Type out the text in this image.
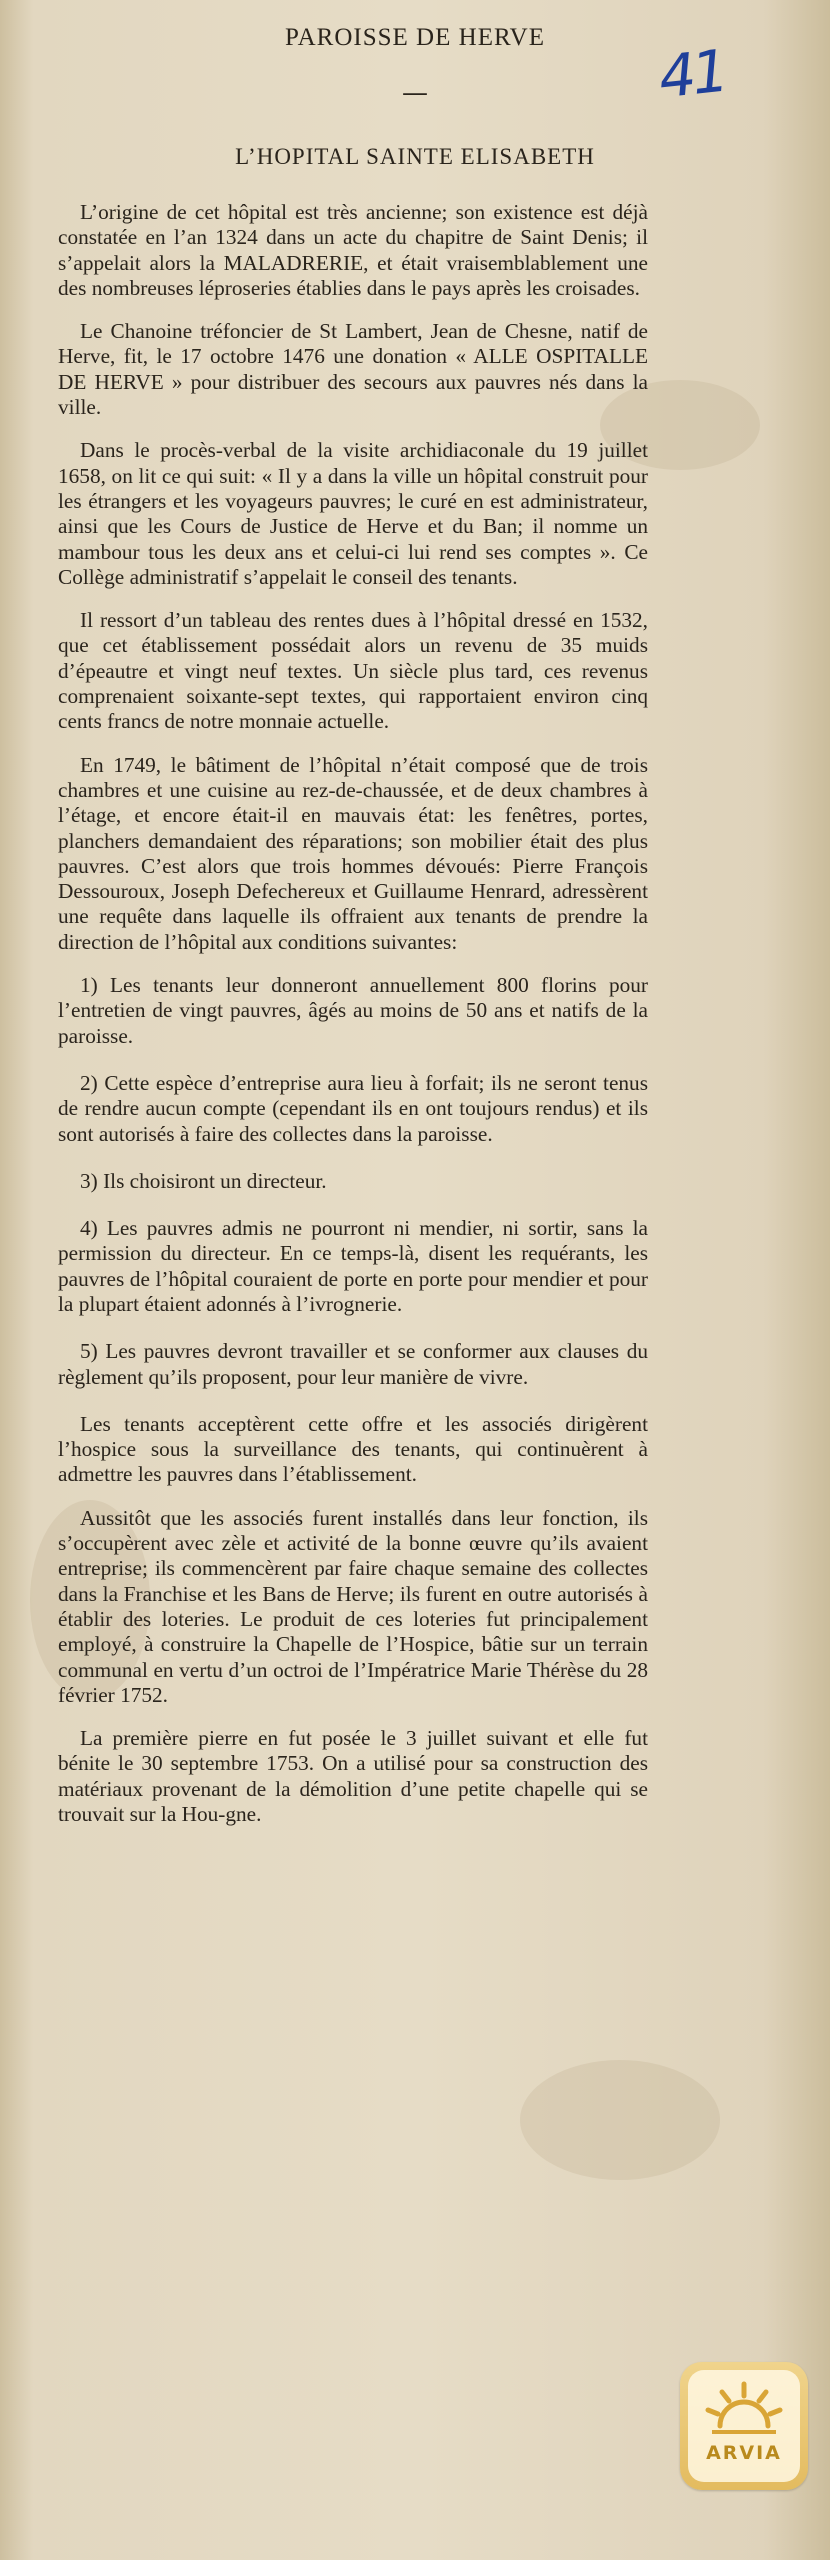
41
PAROISSE DE HERVE
—
L’HOPITAL SAINTE ELISABETH

L’origine de cet hôpital est très ancienne; son existence est déjà constatée en l’an 1324 dans un acte du chapitre de Saint Denis; il s’appelait alors la MALADRERIE, et était vraisemblablement une des nombreuses léproseries établies dans le pays après les croisades.

Le Chanoine tréfoncier de St Lambert, Jean de Chesne, natif de Herve, fit, le 17 octobre 1476 une donation « ALLE OSPITALLE DE HERVE » pour distribuer des secours aux pauvres nés dans la ville.

Dans le procès-verbal de la visite archidiaconale du 19 juillet 1658, on lit ce qui suit: « Il y a dans la ville un hôpital construit pour les étrangers et les voyageurs pauvres; le curé en est administrateur, ainsi que les Cours de Justice de Herve et du Ban; il nomme un mambour tous les deux ans et celui-ci lui rend ses comptes ». Ce Collège administratif s’appelait le conseil des tenants.

Il ressort d’un tableau des rentes dues à l’hôpital dressé en 1532, que cet établissement possédait alors un revenu de 35 muids d’épeautre et vingt neuf textes. Un siècle plus tard, ces revenus comprenaient soixante-sept textes, qui rapportaient environ cinq cents francs de notre monnaie actuelle.

En 1749, le bâtiment de l’hôpital n’était composé que de trois chambres et une cuisine au rez-de-chaussée, et de deux chambres à l’étage, et encore était-il en mauvais état: les fenêtres, portes, planchers demandaient des réparations; son mobilier était des plus pauvres. C’est alors que trois hommes dévoués: Pierre François Dessouroux, Joseph Defechereux et Guillaume Henrard, adressèrent une requête dans laquelle ils offraient aux tenants de prendre la direction de l’hôpital aux conditions suivantes:

1) Les tenants leur donneront annuellement 800 florins pour l’entretien de vingt pauvres, âgés au moins de 50 ans et natifs de la paroisse.

2) Cette espèce d’entreprise aura lieu à forfait; ils ne seront tenus de rendre aucun compte (cependant ils en ont toujours rendus) et ils sont autorisés à faire des collectes dans la paroisse.

3) Ils choisiront un directeur.

4) Les pauvres admis ne pourront ni mendier, ni sortir, sans la permission du directeur. En ce temps-là, disent les requérants, les pauvres de l’hôpital couraient de porte en porte pour mendier et pour la plupart étaient adonnés à l’ivrognerie.

5) Les pauvres devront travailler et se conformer aux clauses du règlement qu’ils proposent, pour leur manière de vivre.

Les tenants acceptèrent cette offre et les associés dirigèrent l’hospice sous la surveillance des tenants, qui continuèrent à admettre les pauvres dans l’établissement.

Aussitôt que les associés furent installés dans leur fonction, ils s’occupèrent avec zèle et activité de la bonne œuvre qu’ils avaient entreprise; ils commencèrent par faire chaque semaine des collectes dans la Franchise et les Bans de Herve; ils furent en outre autorisés à établir des loteries. Le produit de ces loteries fut principalement employé, à construire la Chapelle de l’Hospice, bâtie sur un terrain communal en vertu d’un octroi de l’Impératrice Marie Thérèse du 28 février 1752.

La première pierre en fut posée le 3 juillet suivant et elle fut bénite le 30 septembre 1753. On a utilisé pour sa construction des matériaux provenant de la démolition d’une petite chapelle qui se trouvait sur la Hou-gne.

ARVIA
